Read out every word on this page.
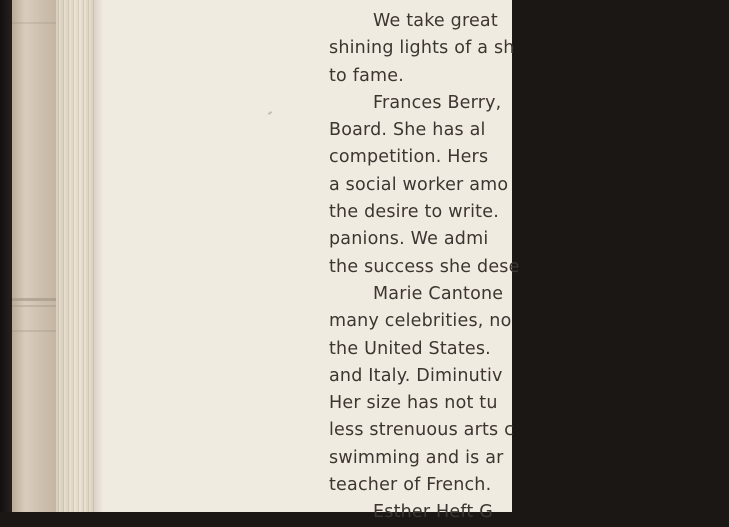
We take great
shining lights of a sh
to fame.
Frances Berry,
Board. She has al
competition. Hers
a social worker amo
the desire to write.
panions. We admi
the success she dese
Marie Cantone
many celebrities, no
the United States.
and Italy. Diminutiv
Her size has not tu
less strenuous arts c
swimming and is ar
teacher of French.
Esther Heft G
